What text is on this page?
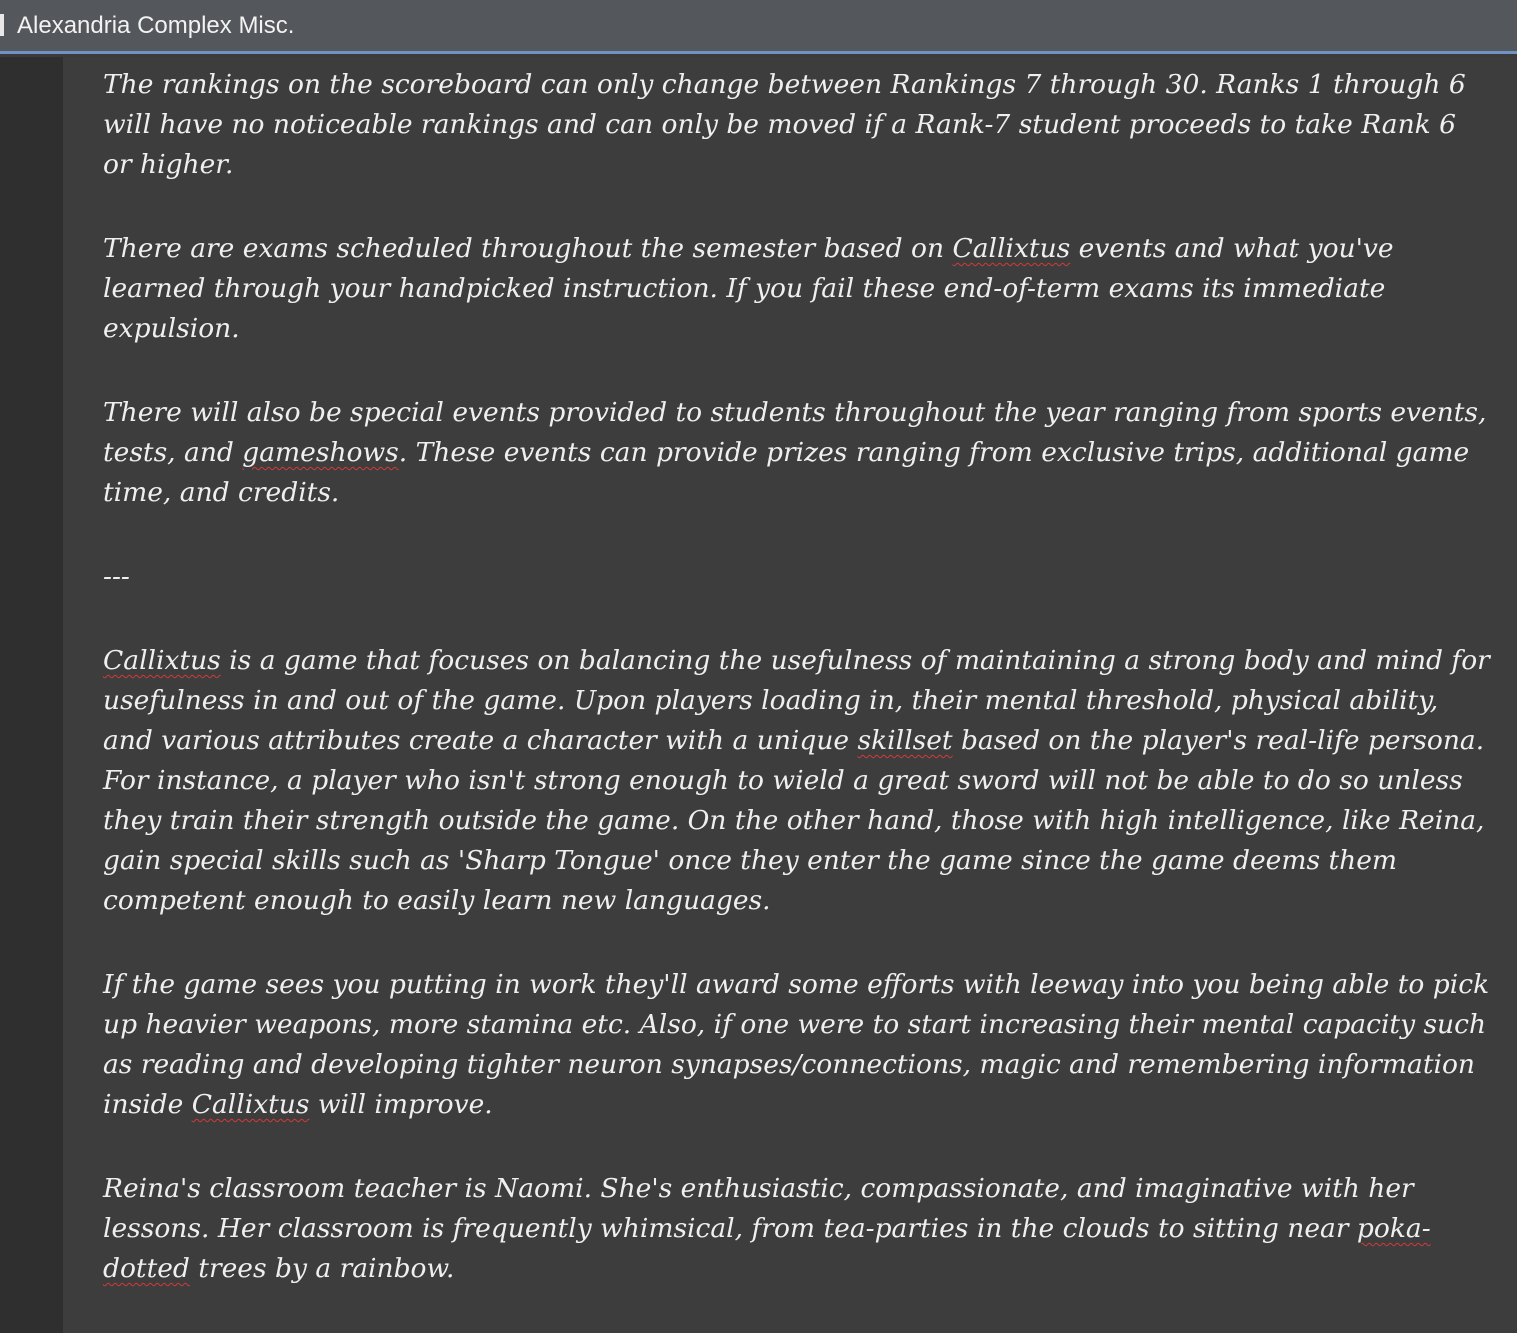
Alexandria Complex Misc.

The rankings on the scoreboard can only change between Rankings 7 through 30. Ranks 1 through 6 will have no noticeable rankings and can only be moved if a Rank-7 student proceeds to take Rank 6 or higher.

There are exams scheduled throughout the semester based on Callixtus events and what you've learned through your handpicked instruction. If you fail these end-of-term exams its immediate expulsion.

There will also be special events provided to students throughout the year ranging from sports events, tests, and gameshows. These events can provide prizes ranging from exclusive trips, additional game time, and credits.

---

Callixtus is a game that focuses on balancing the usefulness of maintaining a strong body and mind for usefulness in and out of the game. Upon players loading in, their mental threshold, physical ability, and various attributes create a character with a unique skillset based on the player's real-life persona. For instance, a player who isn't strong enough to wield a great sword will not be able to do so unless they train their strength outside the game. On the other hand, those with high intelligence, like Reina, gain special skills such as 'Sharp Tongue' once they enter the game since the game deems them competent enough to easily learn new languages.

If the game sees you putting in work they'll award some efforts with leeway into you being able to pick up heavier weapons, more stamina etc. Also, if one were to start increasing their mental capacity such as reading and developing tighter neuron synapses/connections, magic and remembering information inside Callixtus will improve.

Reina's classroom teacher is Naomi. She's enthusiastic, compassionate, and imaginative with her lessons. Her classroom is frequently whimsical, from tea-parties in the clouds to sitting near poka-dotted trees by a rainbow.
